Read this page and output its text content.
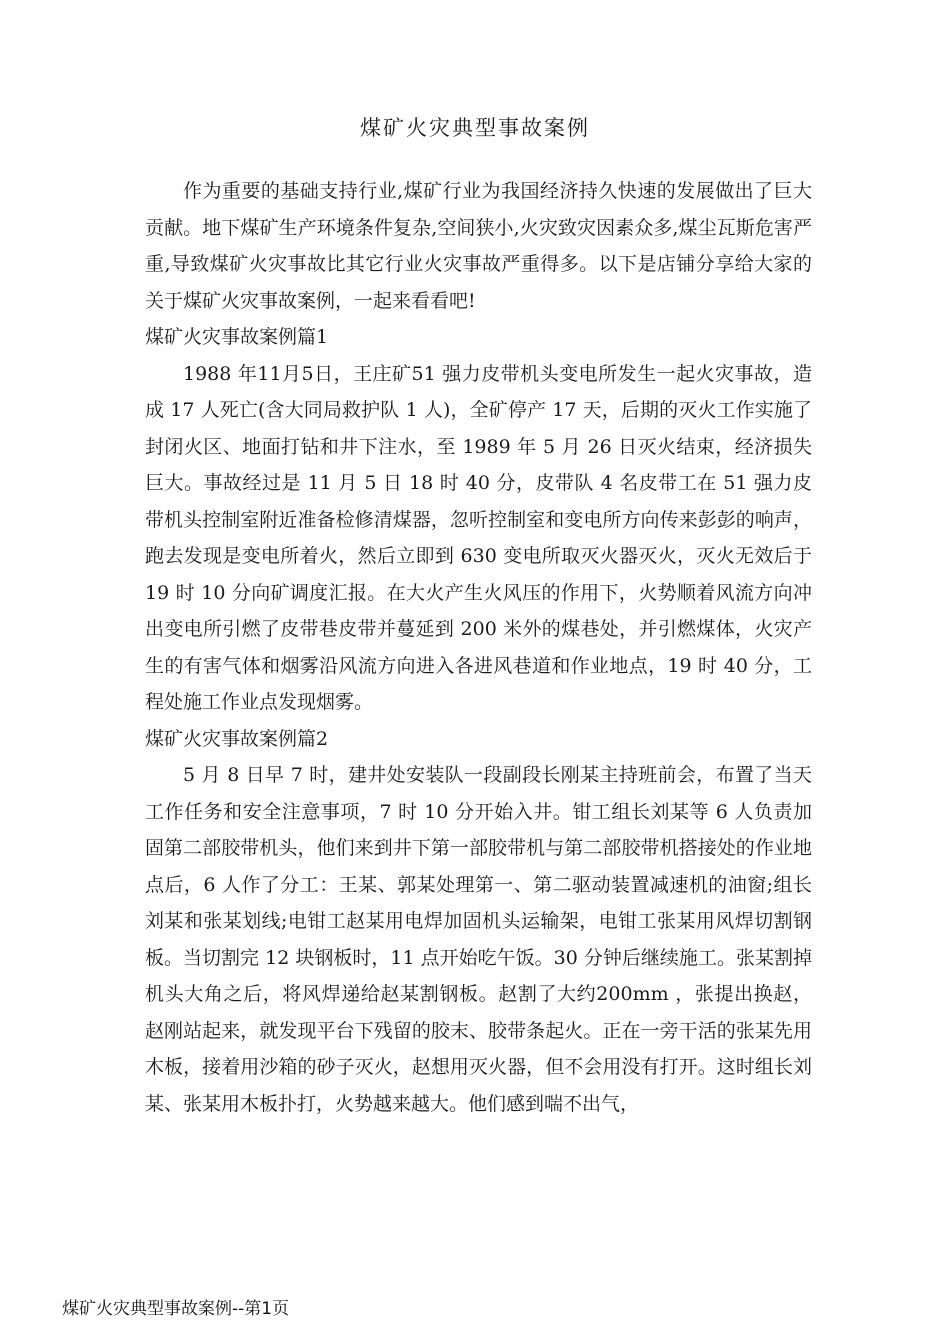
煤矿火灾典型事故案例

作为重要的基础支持行业,煤矿行业为我国经济持久快速的发展做出了巨大贡献。地下煤矿生产环境条件复杂,空间狭小,火灾致灾因素众多,煤尘瓦斯危害严重,导致煤矿火灾事故比其它行业火灾事故严重得多。以下是店铺分享给大家的关于煤矿火灾事故案例，一起来看看吧!

煤矿火灾事故案例篇1

1988 年11月5日，王庄矿51 强力皮带机头变电所发生一起火灾事故，造成 17 人死亡(含大同局救护队 1 人)，全矿停产 17 天，后期的灭火工作实施了封闭火区、地面打钻和井下注水，至 1989 年 5 月 26 日灭火结束，经济损失巨大。事故经过是 11 月 5 日 18 时 40 分，皮带队 4 名皮带工在 51 强力皮带机头控制室附近准备检修清煤器，忽听控制室和变电所方向传来彭彭的响声，跑去发现是变电所着火，然后立即到 630 变电所取灭火器灭火，灭火无效后于 19 时 10 分向矿调度汇报。在大火产生火风压的作用下，火势顺着风流方向冲出变电所引燃了皮带巷皮带并蔓延到 200 米外的煤巷处，并引燃煤体，火灾产生的有害气体和烟雾沿风流方向进入各进风巷道和作业地点，19 时 40 分，工程处施工作业点发现烟雾。

煤矿火灾事故案例篇2

5 月 8 日早 7 时，建井处安装队一段副段长刚某主持班前会，布置了当天工作任务和安全注意事项，7 时 10 分开始入井。钳工组长刘某等 6 人负责加固第二部胶带机头，他们来到井下第一部胶带机与第二部胶带机搭接处的作业地点后，6 人作了分工：王某、郭某处理第一、第二驱动装置减速机的油窗;组长刘某和张某划线;电钳工赵某用电焊加固机头运输架，电钳工张某用风焊切割钢板。当切割完 12 块钢板时，11 点开始吃午饭。30 分钟后继续施工。张某割掉机头大角之后，将风焊递给赵某割钢板。赵割了大约200mm ，张提出换赵，赵刚站起来，就发现平台下残留的胶末、胶带条起火。正在一旁干活的张某先用木板，接着用沙箱的砂子灭火，赵想用灭火器，但不会用没有打开。这时组长刘某、张某用木板扑打，火势越来越大。他们感到喘不出气，

煤矿火灾典型事故案例--第1页
